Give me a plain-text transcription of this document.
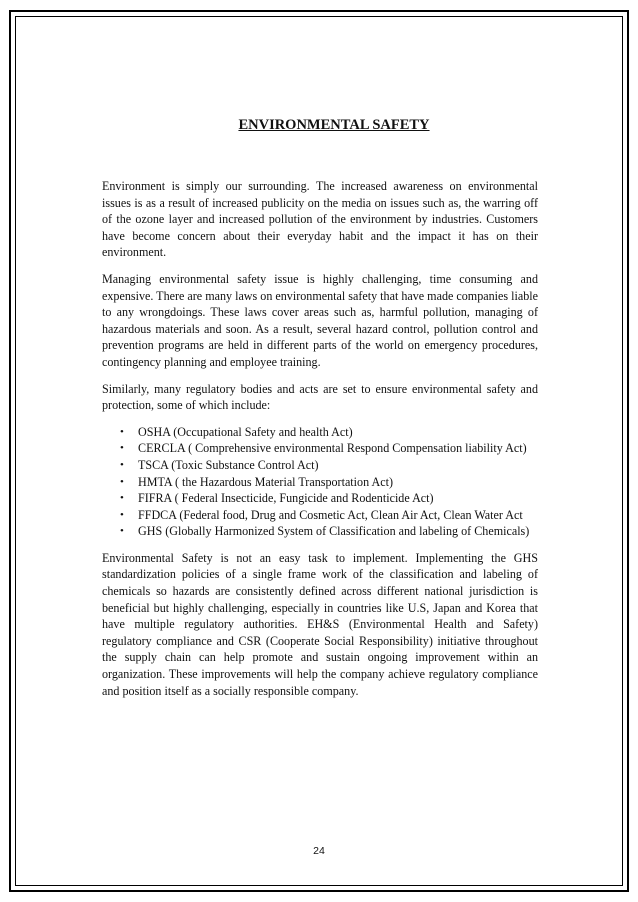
ENVIRONMENTAL SAFETY

Environment is simply our surrounding. The increased awareness on environmental issues is as a result of increased publicity on the media on issues such as, the warring off of the ozone layer and increased pollution of the environment by industries. Customers have become concern about their everyday habit and the impact it has on their environment.

Managing environmental safety issue is highly challenging, time consuming and expensive. There are many laws on environmental safety that have made companies liable to any wrongdoings. These laws cover areas such as, harmful pollution, managing of hazardous materials and soon. As a result, several hazard control, pollution control and prevention programs are held in different parts of the world on emergency procedures, contingency planning and employee training.

Similarly, many regulatory bodies and acts are set to ensure environmental safety and protection, some of which include:

• OSHA (Occupational Safety and health Act)
• CERCLA ( Comprehensive environmental Respond Compensation liability Act)
• TSCA (Toxic Substance Control Act)
• HMTA ( the Hazardous Material Transportation Act)
• FIFRA ( Federal Insecticide, Fungicide and Rodenticide Act)
• FFDCA (Federal food, Drug and Cosmetic Act, Clean Air Act, Clean Water Act
• GHS (Globally Harmonized System of Classification and labeling of Chemicals)

Environmental Safety is not an easy task to implement. Implementing the GHS standardization policies of a single frame work of the classification and labeling of chemicals so hazards are consistently defined across different national jurisdiction is beneficial but highly challenging, especially in countries like U.S, Japan and Korea that have multiple regulatory authorities. EH&S (Environmental Health and Safety) regulatory compliance and CSR (Cooperate Social Responsibility) initiative throughout the supply chain can help promote and sustain ongoing improvement within an organization. These improvements will help the company achieve regulatory compliance and position itself as a socially responsible company.

24
